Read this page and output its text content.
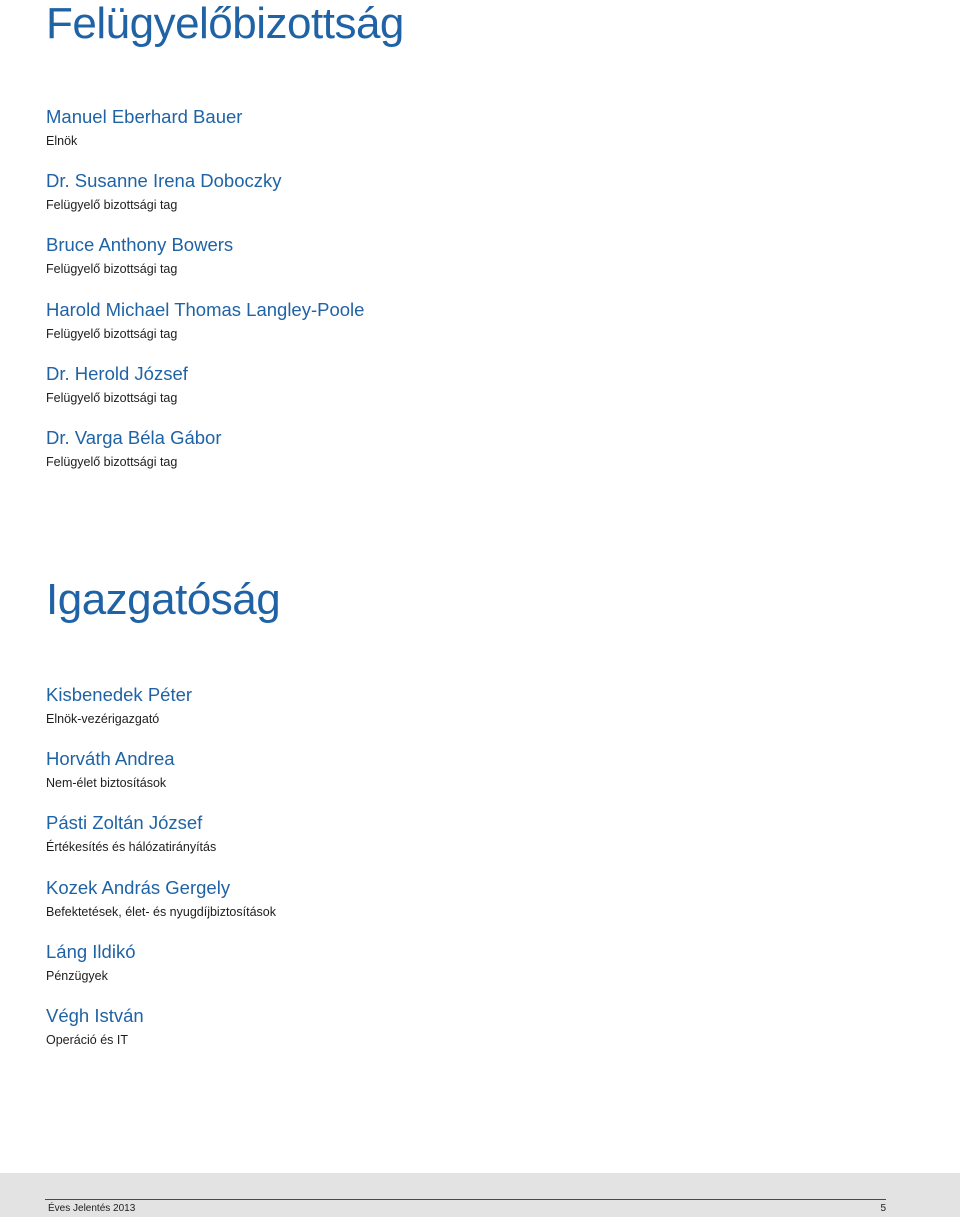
Felügyelőbizottság
Manuel Eberhard Bauer
Elnök
Dr. Susanne Irena Doboczky
Felügyelő bizottsági tag
Bruce Anthony Bowers
Felügyelő bizottsági tag
Harold Michael Thomas Langley-Poole
Felügyelő bizottsági tag
Dr. Herold József
Felügyelő bizottsági tag
Dr. Varga Béla Gábor
Felügyelő bizottsági tag
Igazgatóság
Kisbenedek Péter
Elnök-vezérigazgató
Horváth Andrea
Nem-élet biztosítások
Pásti Zoltán József
Értékesítés és hálózatirányítás
Kozek András Gergely
Befektetések, élet- és nyugdíjbiztosítások
Láng Ildikó
Pénzügyek
Végh István
Operáció és IT
Éves Jelentés 2013	5
